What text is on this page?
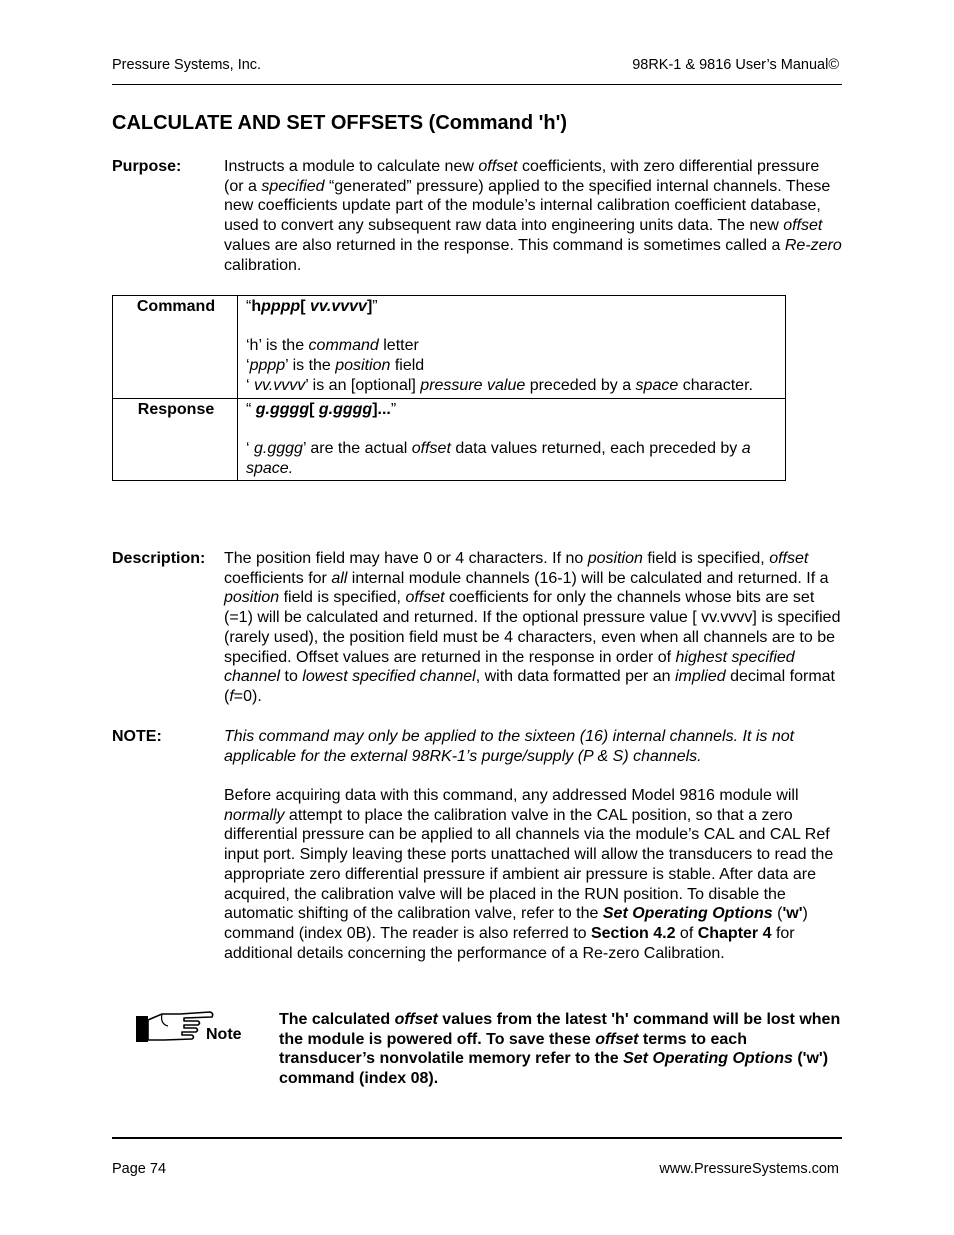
Pressure Systems, Inc.	98RK-1 & 9816 User’s Manual©
CALCULATE AND SET OFFSETS (Command 'h')
Purpose:	Instructs a module to calculate new offset coefficients, with zero differential pressure (or a specified “generated” pressure) applied to the specified internal channels. These new coefficients update part of the module’s internal calibration coefficient database, used to convert any subsequent raw data into engineering units data. The new offset values are also returned in the response. This command is sometimes called a Re-zero calibration.
Command	“hpppp[ vv.vvvv]”
‘h’ is the command letter
‘pppp’ is the position field
‘ vv.vvvv’ is an [optional] pressure value preceded by a space character.

Response	“ g.gggg[ g.gggg]...”
‘ g.gggg’ are the actual offset data values returned, each preceded by a space.
Description: The position field may have 0 or 4 characters. If no position field is specified, offset coefficients for all internal module channels (16-1) will be calculated and returned. If a position field is specified, offset coefficients for only the channels whose bits are set (=1) will be calculated and returned. If the optional pressure value [ vv.vvvv] is specified (rarely used), the position field must be 4 characters, even when all channels are to be specified. Offset values are returned in the response in order of highest specified channel to lowest specified channel, with data formatted per an implied decimal format (f=0).
NOTE:	This command may only be applied to the sixteen (16) internal channels. It is not applicable for the external 98RK-1’s purge/supply (P & S) channels.
Before acquiring data with this command, any addressed Model 9816 module will normally attempt to place the calibration valve in the CAL position, so that a zero differential pressure can be applied to all channels via the module’s CAL and CAL Ref input port. Simply leaving these ports unattached will allow the transducers to read the appropriate zero differential pressure if ambient air pressure is stable. After data are acquired, the calibration valve will be placed in the RUN position. To disable the automatic shifting of the calibration valve, refer to the Set Operating Options ('w') command (index 0B). The reader is also referred to Section 4.2 of Chapter 4 for additional details concerning the performance of a Re-zero Calibration.
Note
The calculated offset values from the latest 'h' command will be lost when the module is powered off. To save these offset terms to each transducer’s nonvolatile memory refer to the Set Operating Options ('w') command (index 08).
Page 74	www.PressureSystems.com
